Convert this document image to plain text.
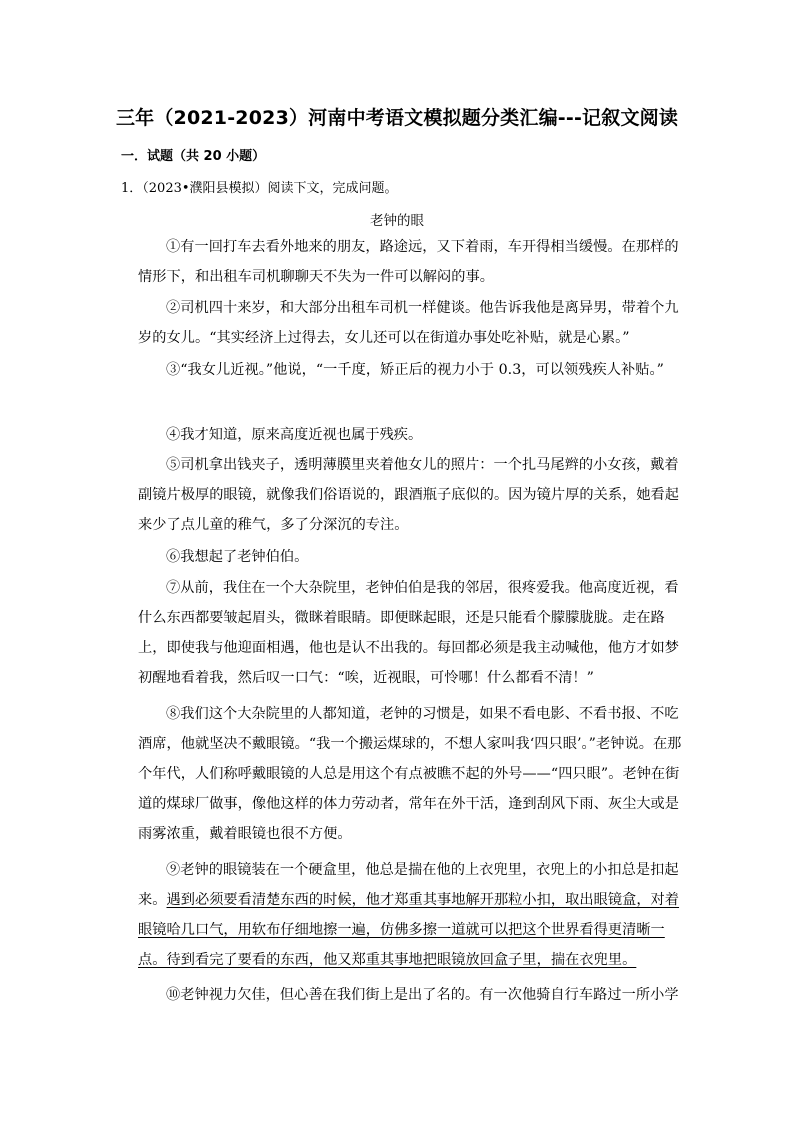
三年（2021-2023）河南中考语文模拟题分类汇编---记叙文阅读
一．试题（共 20 小题）
1．（2023•濮阳县模拟）阅读下文，完成问题。
老钟的眼

①有一回打车去看外地来的朋友，路途远，又下着雨，车开得相当缓慢。在那样的情形下，和出租车司机聊聊天不失为一件可以解闷的事。

②司机四十来岁，和大部分出租车司机一样健谈。他告诉我他是离异男，带着个九岁的女儿。“其实经济上过得去，女儿还可以在街道办事处吃补贴，就是心累。”

③“我女儿近视。”他说，“一千度，矫正后的视力小于 0.3，可以领残疾人补贴。”

④我才知道，原来高度近视也属于残疾。

⑤司机拿出钱夹子，透明薄膜里夹着他女儿的照片：一个扎马尾辫的小女孩，戴着副镜片极厚的眼镜，就像我们俗语说的，跟酒瓶子底似的。因为镜片厚的关系，她看起来少了点儿童的稚气，多了分深沉的专注。

⑥我想起了老钟伯伯。

⑦从前，我住在一个大杂院里，老钟伯伯是我的邻居，很疼爱我。他高度近视，看什么东西都要皱起眉头，微眯着眼睛。即便眯起眼，还是只能看个朦朦胧胧。走在路上，即使我与他迎面相遇，他也是认不出我的。每回都必须是我主动喊他，他方才如梦初醒地看着我，然后叹一口气：“唉，近视眼，可怜哪！什么都看不清！”

⑧我们这个大杂院里的人都知道，老钟的习惯是，如果不看电影、不看书报、不吃酒席，他就坚决不戴眼镜。“我一个搬运煤球的，不想人家叫我‘四只眼’。”老钟说。在那个年代，人们称呼戴眼镜的人总是用这个有点被瞧不起的外号——“四只眼”。老钟在街道的煤球厂做事，像他这样的体力劳动者，常年在外干活，逢到刮风下雨、灰尘大或是雨雾浓重，戴着眼镜也很不方便。

⑨老钟的眼镜装在一个硬盒里，他总是揣在他的上衣兜里，衣兜上的小扣总是扣起来。遇到必须要看清楚东西的时候，他才郑重其事地解开那粒小扣，取出眼镜盒，对着眼镜哈几口气，用软布仔细地擦一遍，仿佛多擦一道就可以把这个世界看得更清晰一点。待到看完了要看的东西，他又郑重其事地把眼镜放回盒子里，揣在衣兜里。

⑩老钟视力欠佳，但心善在我们街上是出了名的。有一次他骑自行车路过一所小学
